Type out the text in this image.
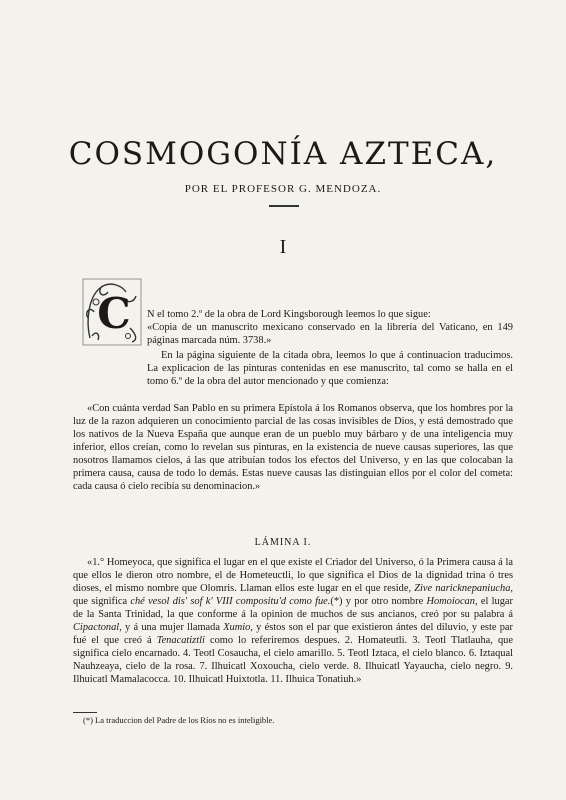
COSMOGONÍA AZTECA,

POR EL PROFESOR G. MENDOZA.

I

C N el tomo 2.º de la obra de Lord Kingsborough leemos lo que sigue:

«Copia de un manuscrito mexicano conservado en la librería del Vaticano, en 149 páginas marcada núm. 3738.»

En la página siguiente de la citada obra, leemos lo que á continuacion traducimos. La explicacion de las pinturas contenidas en ese manuscrito, tal como se halla en el tomo 6.º de la obra del autor mencionado y que comienza:

«Con cuánta verdad San Pablo en su primera Epístola á los Romanos observa, que los hombres por la luz de la razon adquieren un conocimiento parcial de las cosas invisibles de Dios, y está demostrado que los nativos de la Nueva España que aunque eran de un pueblo muy bárbaro y de una inteligencia muy inferior, ellos creían, como lo revelan sus pinturas, en la existencia de nueve causas superiores, las que nosotros llamamos cielos, á las que atribuían todos los efectos del Universo, y en las que colocaban la primera causa, causa de todo lo demás. Estas nueve causas las distinguian ellos por el color del cometa: cada causa ó cielo recibía su denominacion.»

LÁMINA I.

«1.° Homeyoca, que significa el lugar en el que existe el Criador del Universo, ó la Primera causa á la que ellos le dieron otro nombre, el de Hometeuctli, lo que significa el Dios de la dignidad trina ó tres dioses, el mismo nombre que Olomris. Llaman ellos este lugar en el que reside, Zive naricknepaniucha, que significa ché vesol dis' sof k' VIII compositu'd como fue.(*) y por otro nombre Homoiocan, el lugar de la Santa Trinidad, la que conforme á la opinion de muchos de sus ancianos, creó por su palabra á Cipactonal, y á una mujer llamada Xumio, y éstos son el par que existieron ántes del diluvio, y este par fué el que creó á Tenacatiztli como lo referiremos despues. 2. Homateutli. 3. Teotl Tlatlauha, que significa cielo encarnado. 4. Teotl Cosaucha, el cielo amarillo. 5. Teotl Iztaca, el cielo blanco. 6. Iztaqual Nauhzeaya, cielo de la rosa. 7. Ilhuicatl Xoxoucha, cielo verde. 8. Ilhuicatl Yayaucha, cielo negro. 9. Ilhuicatl Mamalacocca. 10. Ilhuicatl Huixtotla. 11. Ilhuica Tonatiuh.»

(*) La traduccion del Padre de los Ríos no es inteligible.
